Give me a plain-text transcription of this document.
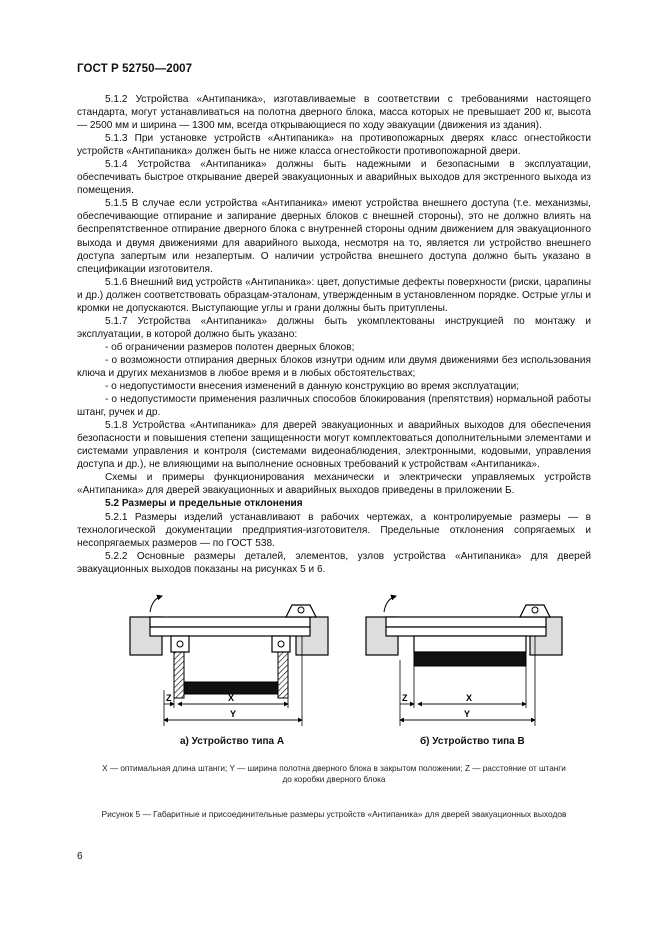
ГОСТ Р 52750—2007

5.1.2 Устройства «Антипаника», изготавливаемые в соответствии с требованиями настоящего стандарта, могут устанавливаться на полотна дверного блока, масса которых не превышает 200 кг, высота — 2500 мм и ширина — 1300 мм, всегда открывающиеся по ходу эвакуации (движения из здания).

5.1.3 При установке устройств «Антипаника» на противопожарных дверях класс огнестойкости устройств «Антипаника» должен быть не ниже класса огнестойкости противопожарной двери.

5.1.4 Устройства «Антипаника» должны быть надежными и безопасными в эксплуатации, обеспечивать быстрое открывание дверей эвакуационных и аварийных выходов для экстренного выхода из помещения.

5.1.5 В случае если устройства «Антипаника» имеют устройства внешнего доступа (т.е. механизмы, обеспечивающие отпирание и запирание дверных блоков с внешней стороны), это не должно влиять на беспрепятственное отпирание дверного блока с внутренней стороны одним движением для эвакуационного выхода и двумя движениями для аварийного выхода, несмотря на то, является ли устройство внешнего доступа запертым или незапертым. О наличии устройства внешнего доступа должно быть указано в спецификации изготовителя.

5.1.6 Внешний вид устройств «Антипаника»: цвет, допустимые дефекты поверхности (риски, царапины и др.) должен соответствовать образцам-эталонам, утвержденным в установленном порядке. Острые углы и кромки не допускаются. Выступающие углы и грани должны быть притуплены.

5.1.7 Устройства «Антипаника» должны быть укомплектованы инструкцией по монтажу и эксплуатации, в которой должно быть указано:

- об ограничении размеров полотен дверных блоков;

- о возможности отпирания дверных блоков изнутри одним или двумя движениями без использования ключа и других механизмов в любое время и в любых обстоятельствах;

- о недопустимости внесения изменений в данную конструкцию во время эксплуатации;

- о недопустимости применения различных способов блокирования (препятствия) нормальной работы штанг, ручек и др.

5.1.8 Устройства «Антипаника» для дверей эвакуационных и аварийных выходов для обеспечения безопасности и повышения степени защищенности могут комплектоваться дополнительными элементами и системами управления и контроля (системами видеонаблюдения, электронными, кодовыми, управления доступа и др.), не влияющими на выполнение основных требований к устройствам «Антипаника».

Схемы и примеры функционирования механически и электрически управляемых устройств «Антипаника» для дверей эвакуационных и аварийных выходов приведены в приложении Б.

5.2 Размеры и предельные отклонения

5.2.1 Размеры изделий устанавливают в рабочих чертежах, а контролируемые размеры — в технологической документации предприятия-изготовителя. Предельные отклонения сопрягаемых и несопрягаемых размеров — по ГОСТ 538.

5.2.2 Основные размеры деталей, элементов, узлов устройства «Антипаника» для дверей эвакуационных выходов показаны на рисунках 5 и 6.

Z	X
Y
Z	X
Y
а) Устройство типа A	б) Устройство типа B
X — оптимальная длина штанги; Y — ширина полотна дверного блока в закрытом положении; Z — расстояние от штанги до коробки дверного блока
Рисунок 5 — Габаритные и присоединительные размеры устройств «Антипаника» для дверей эвакуационных выходов
6
